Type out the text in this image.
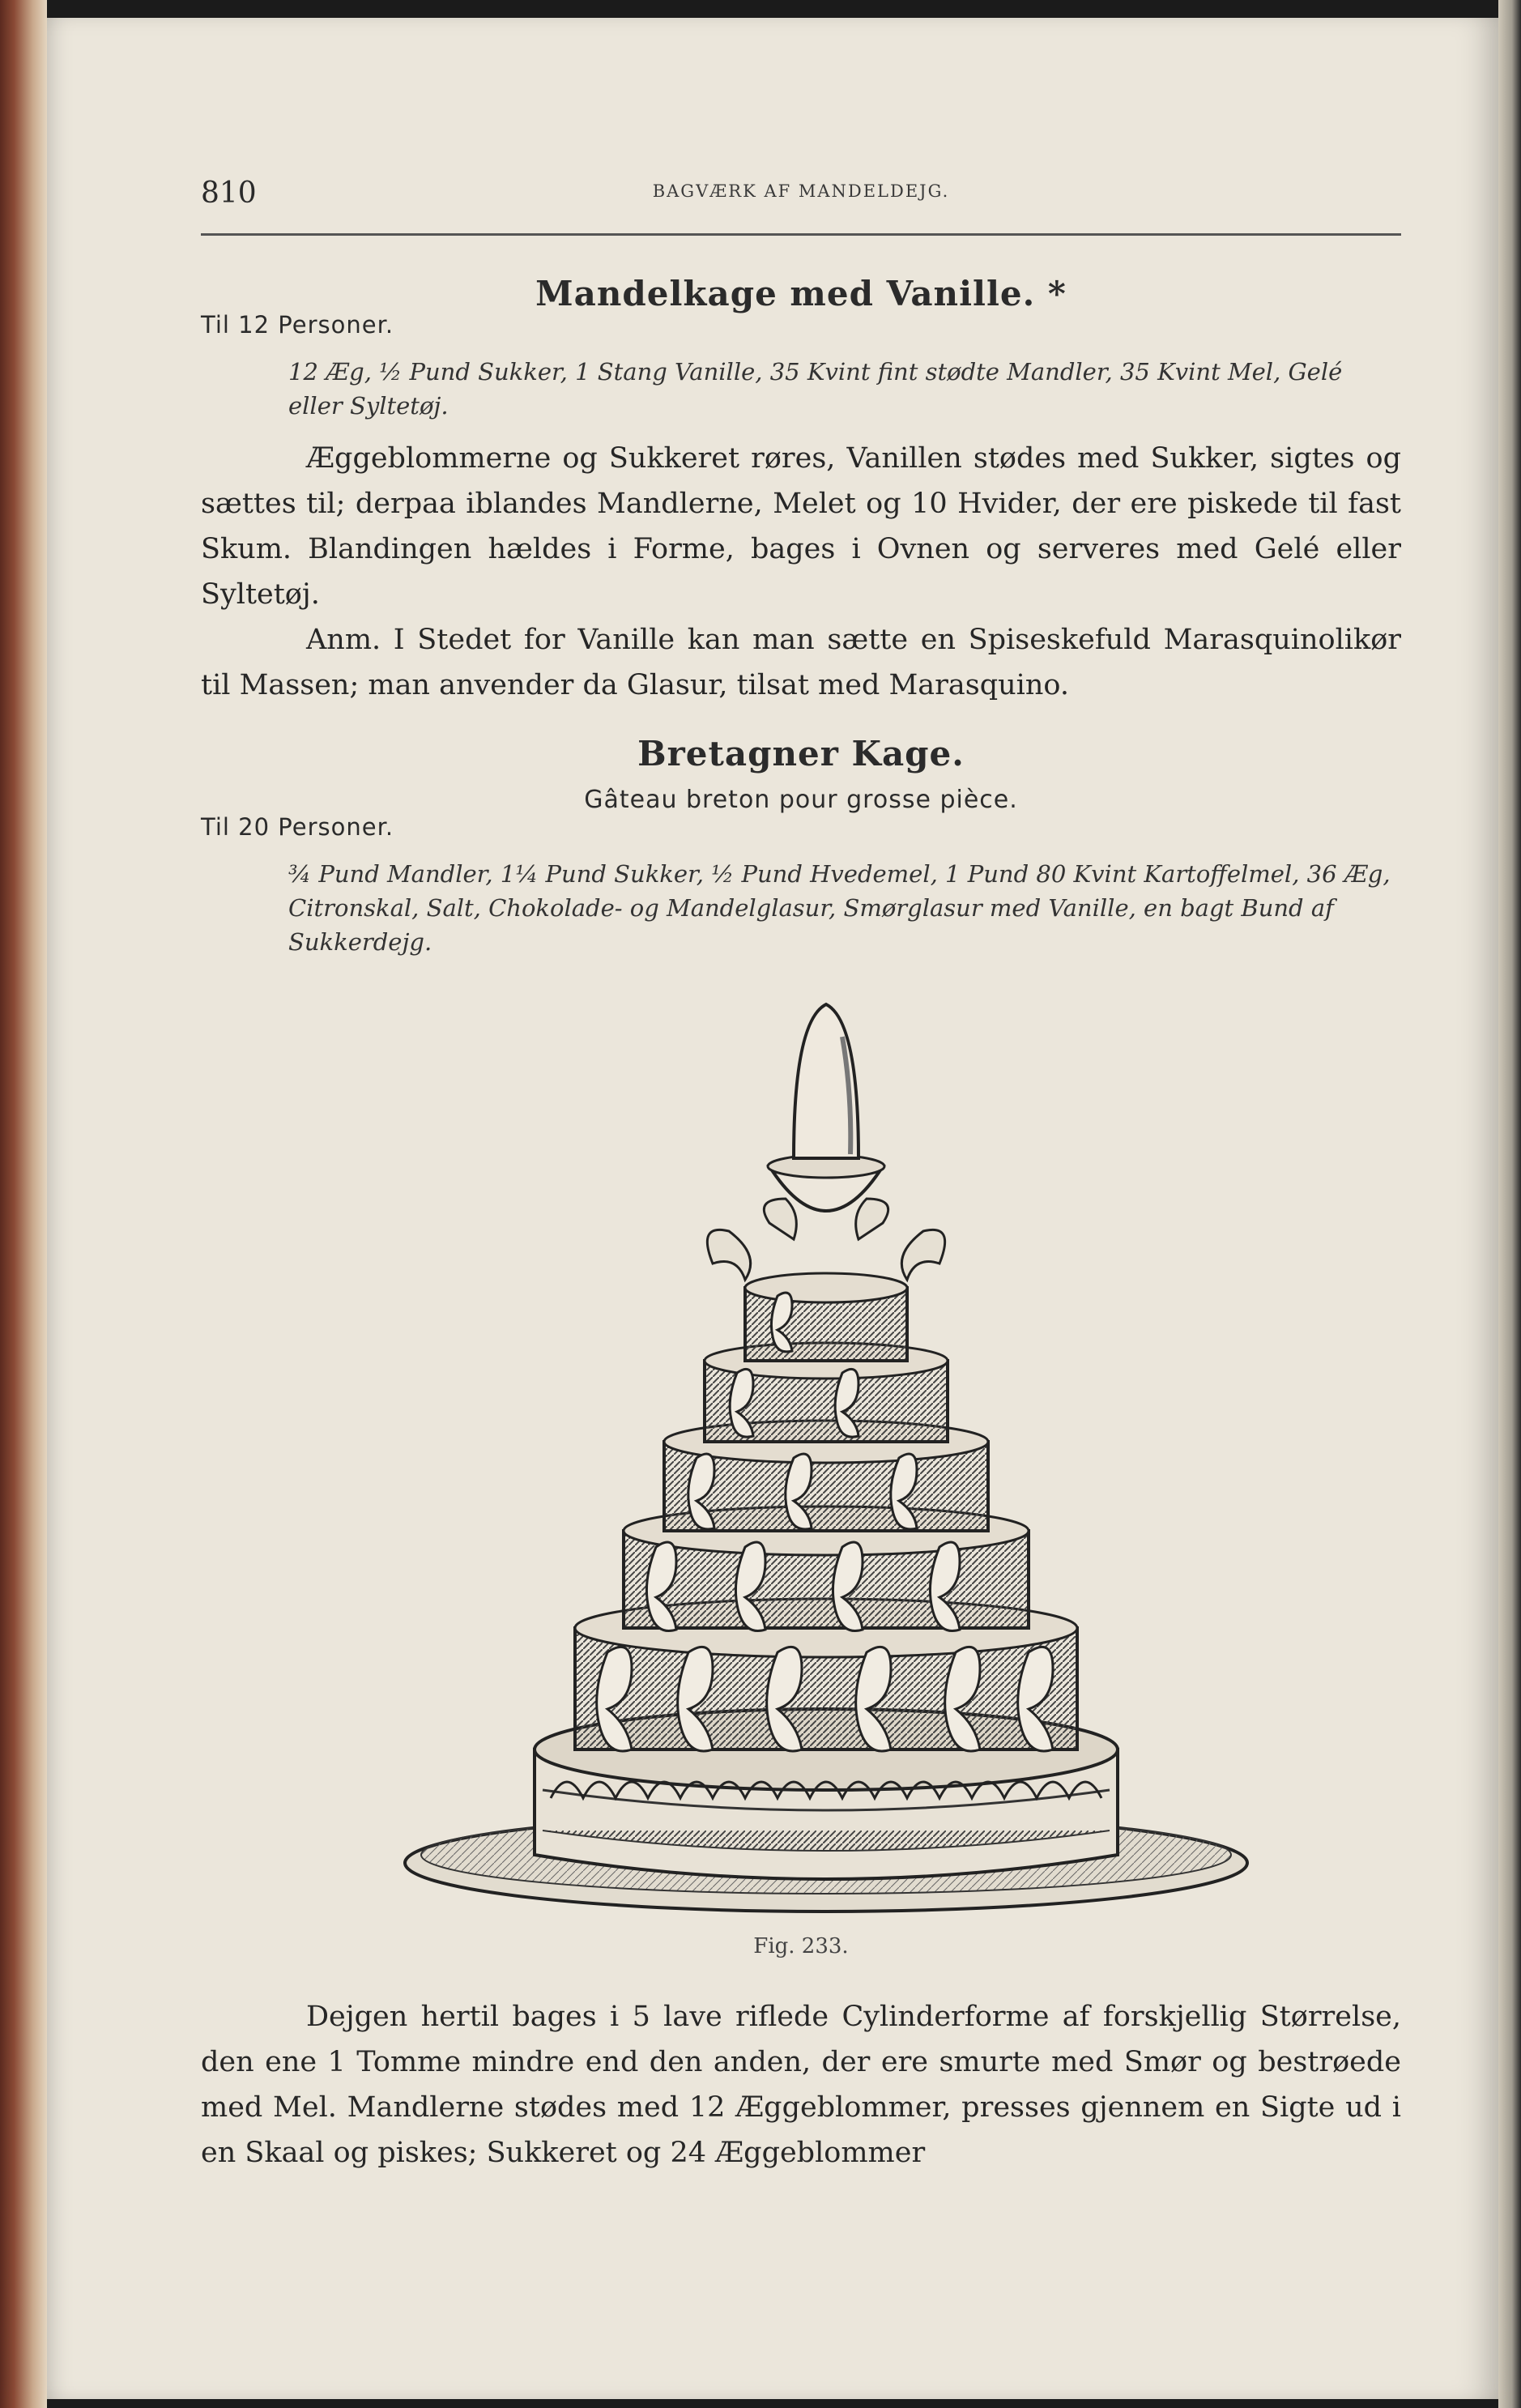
810	BAGVÆRK AF MANDELDEJG.
Mandelkage med Vanille. *
Til 12 Personer.
12 Æg, ½ Pund Sukker, 1 Stang Vanille, 35 Kvint fint stødte Mandler, 35 Kvint Mel, Gelé eller Syltetøj.
Æggeblommerne og Sukkeret røres, Vanillen stødes med Sukker, sigtes og sættes til; derpaa iblandes Mandlerne, Melet og 10 Hvider, der ere piskede til fast Skum. Blandingen hældes i Forme, bages i Ovnen og serveres med Gelé eller Syltetøj.
Anm. I Stedet for Vanille kan man sætte en Spiseskefuld Marasquinolikør til Massen; man anvender da Glasur, tilsat med Marasquino.
Bretagner Kage.
Gâteau breton pour grosse pièce.
Til 20 Personer.
¾ Pund Mandler, 1¼ Pund Sukker, ½ Pund Hvedemel, 1 Pund 80 Kvint Kartoffelmel, 36 Æg, Citronskal, Salt, Chokolade- og Mandelglasur, Smørglasur med Vanille, en bagt Bund af Sukkerdejg.
Fig. 233.
Dejgen hertil bages i 5 lave riflede Cylinderforme af forskjellig Størrelse, den ene 1 Tomme mindre end den anden, der ere smurte med Smør og bestrøede med Mel. Mandlerne stødes med 12 Æggeblommer, presses gjennem en Sigte ud i en Skaal og piskes; Sukkeret og 24 Æggeblommer
